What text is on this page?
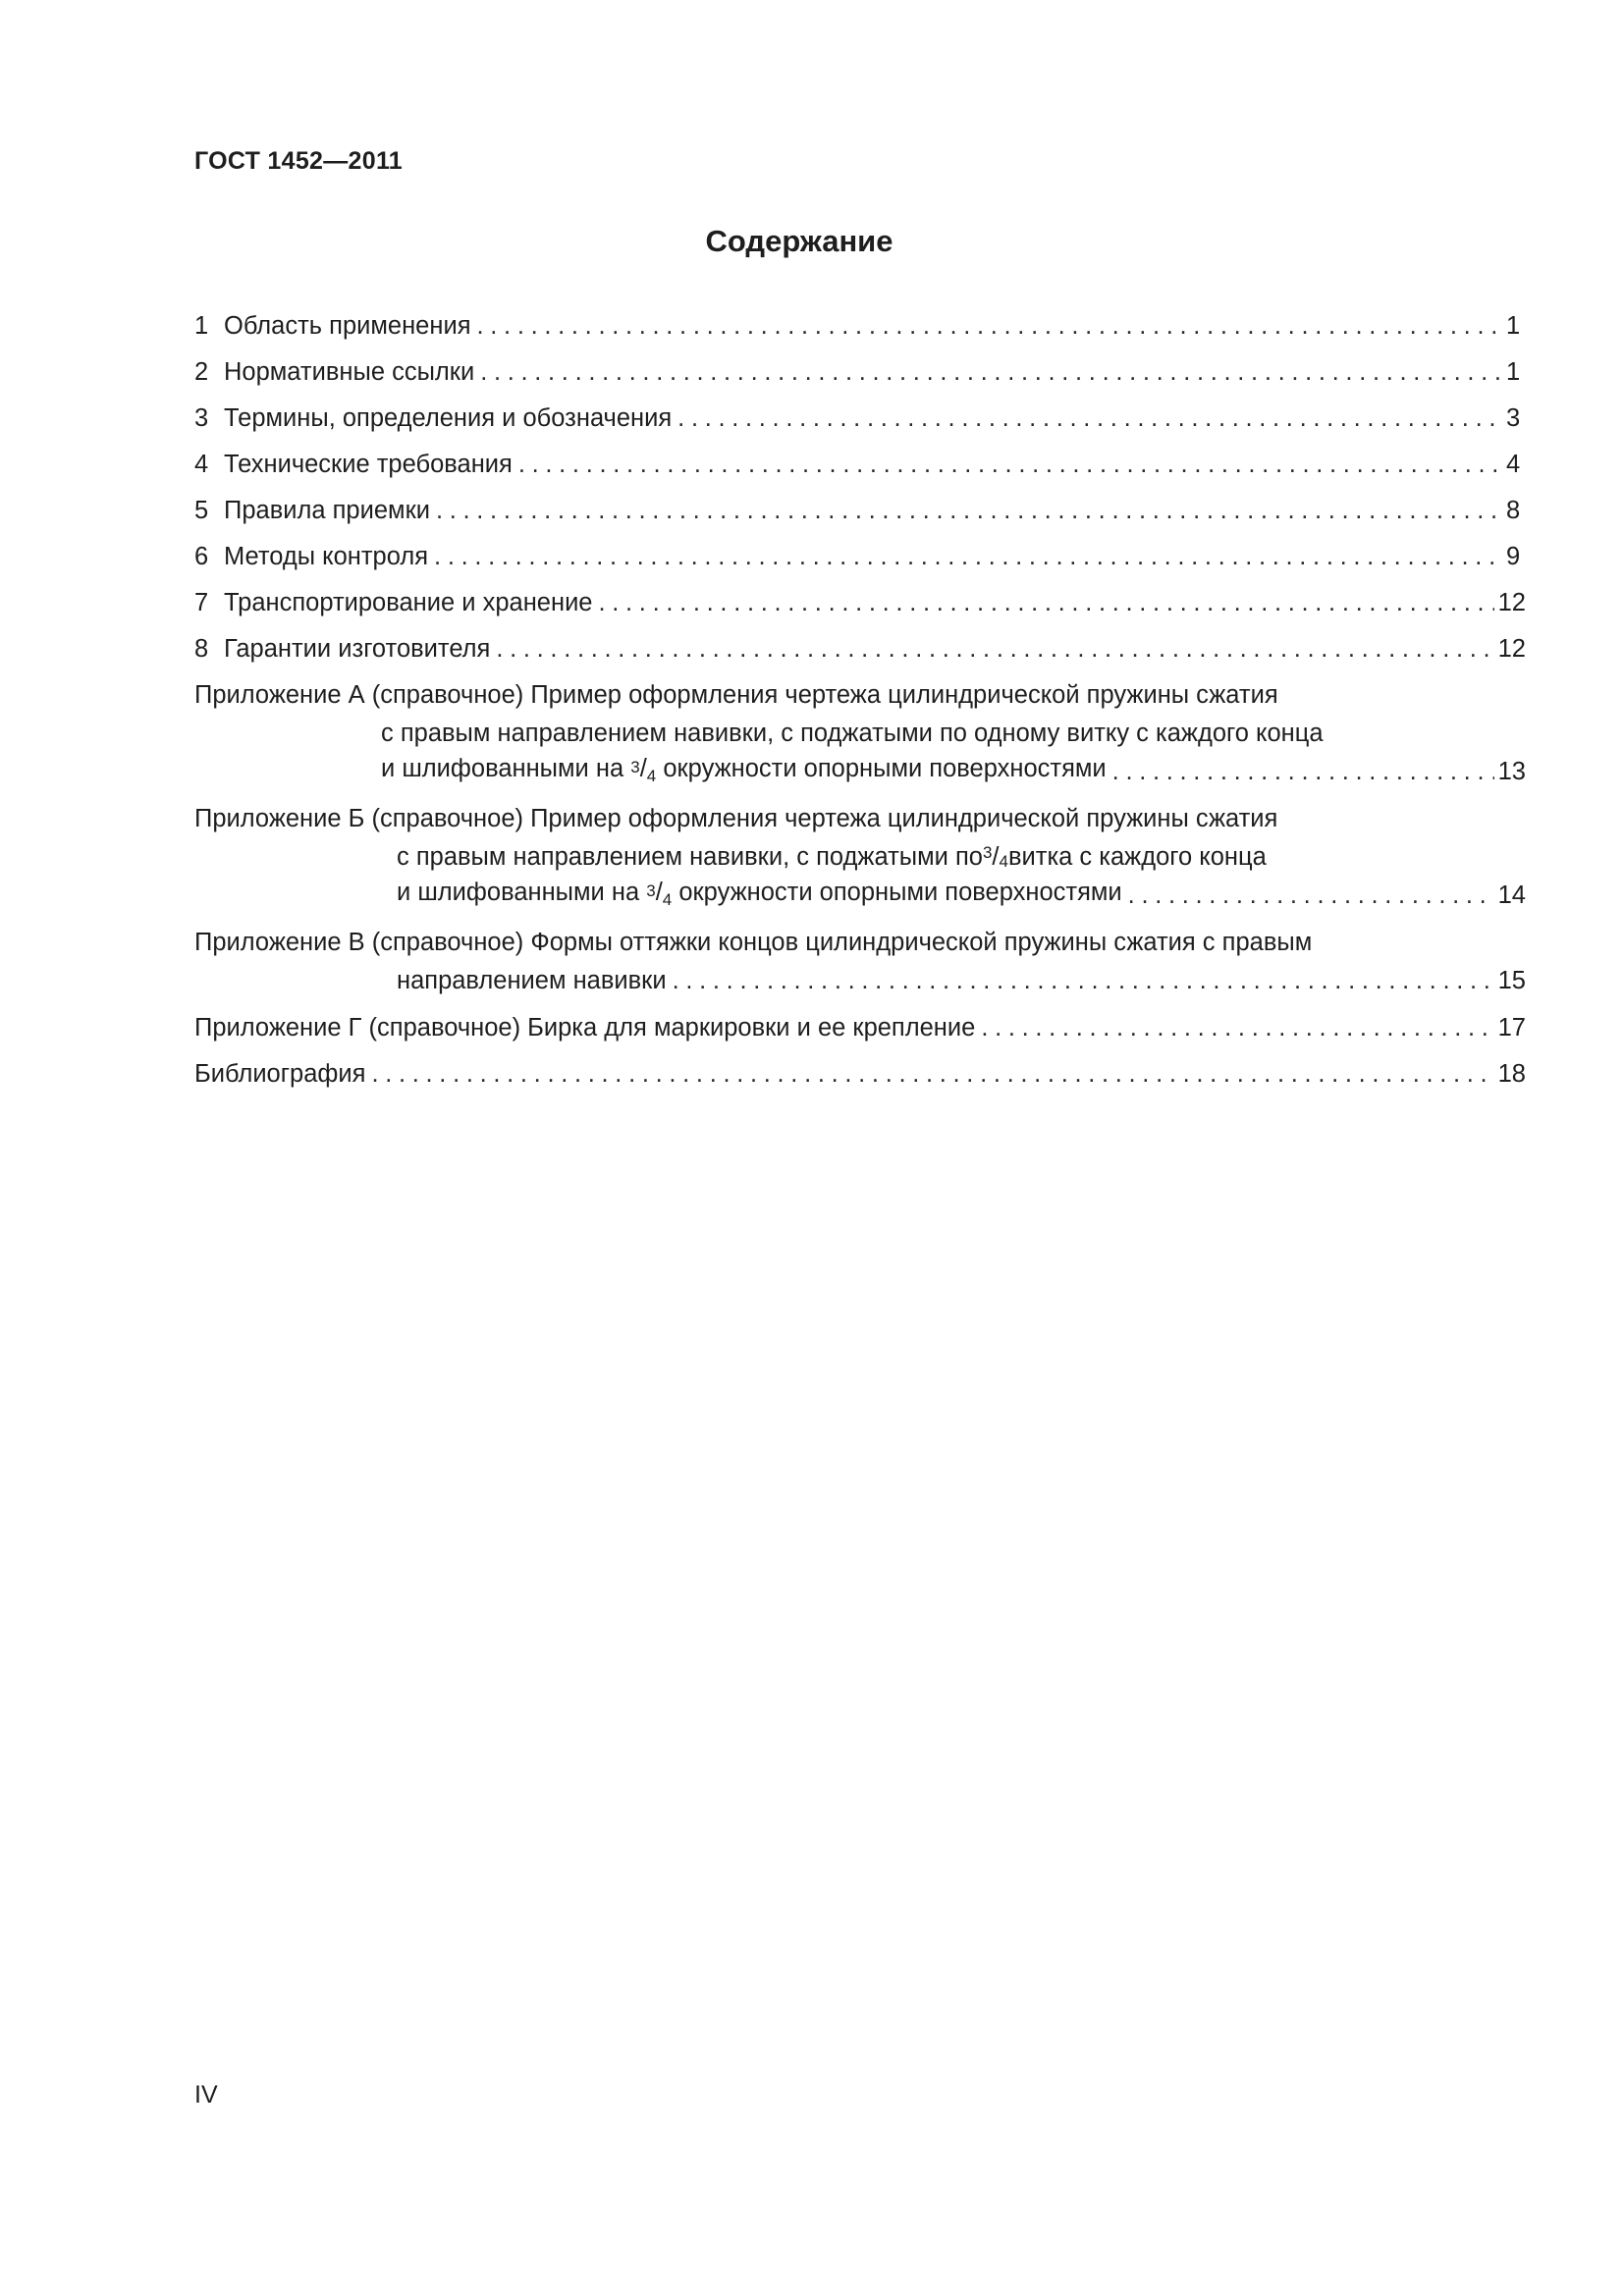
ГОСТ 1452—2011
Содержание
1 Область применения . . .	1
2 Нормативные ссылки . . .	1
3 Термины, определения и обозначения . . .	3
4 Технические требования . . .	4
5 Правила приемки . . .	8
6 Методы контроля . . .	9
7 Транспортирование и хранение . . .	12
8 Гарантии изготовителя . . .	12
Приложение А (справочное) Пример оформления чертежа цилиндрической пружины сжатия
с правым направлением навивки, с поджатыми по одному витку с каждого конца
и шлифованными на $^3/_4$ окружности опорными поверхностями . . .	13
Приложение Б (справочное) Пример оформления чертежа цилиндрической пружины сжатия
с правым направлением навивки, с поджатыми по $^3$ $/_4$ витка с каждого конца
и шлифованными на $^3/_4$ окружности опорными поверхностями . . .	14
Приложение В (справочное) Формы оттяжки концов цилиндрической пружины сжатия с правым
направлением навивки . . .	15
Приложение Г (справочное) Бирка для маркировки и ее крепление . . .	17
Библиография . . .	18
IV
